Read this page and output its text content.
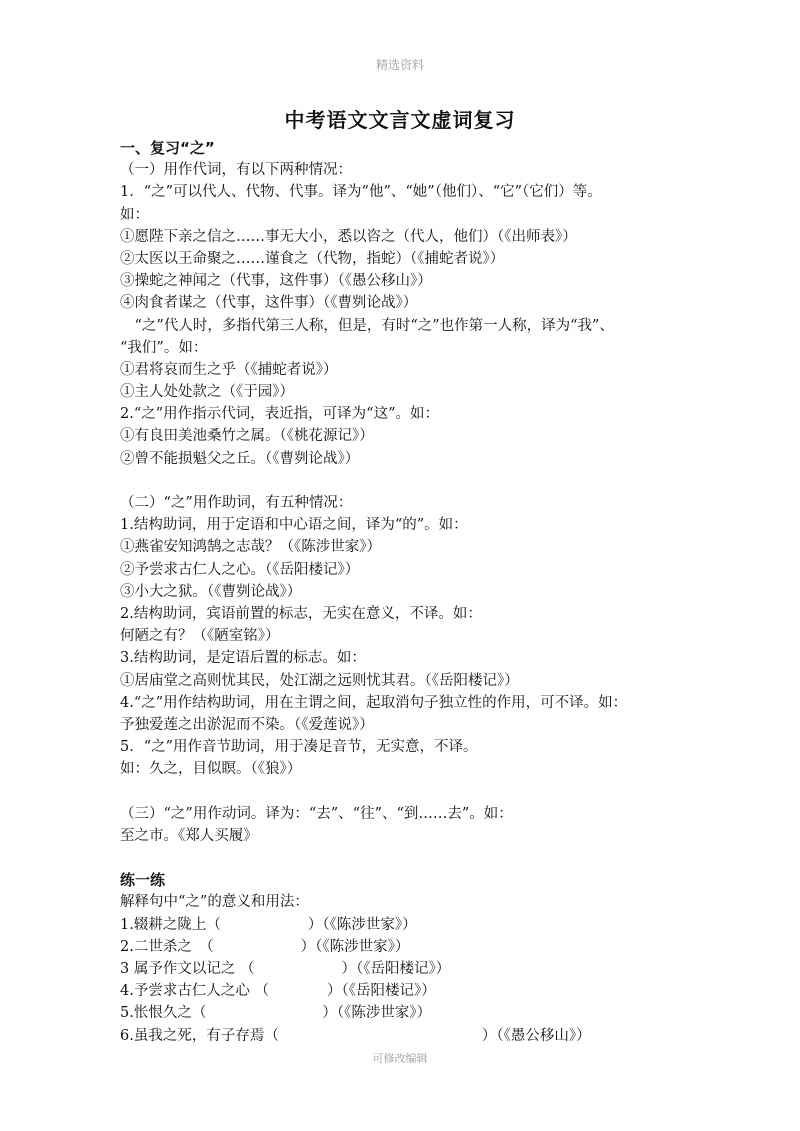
精选资料
中考语文文言文虚词复习
一、复习“之”
（一）用作代词，有以下两种情况：
1．“之”可以代人、代物、代事。译为“他”、“她”（他们）、“它”（它们）等。
如：
①愿陛下亲之信之……事无大小，悉以咨之（代人，他们）（《出师表》）
②太医以王命聚之……谨食之（代物，指蛇）（《捕蛇者说》）
③操蛇之神闻之（代事，这件事）（《愚公移山》）
④肉食者谋之（代事，这件事）（《曹刿论战》）
　“之”代人时，多指代第三人称，但是，有时“之”也作第一人称，译为“我”、
“我们”。如：
①君将哀而生之乎（《捕蛇者说》）
①主人处处款之（《于园》）
2.“之”用作指示代词，表近指，可译为“这”。如：
①有良田美池桑竹之属。（《桃花源记》）
②曾不能损魁父之丘。（《曹刿论战》）
（二）“之”用作助词，有五种情况：
1.结构助词，用于定语和中心语之间，译为“的”。如：
①燕雀安知鸿鹄之志哉？（《陈涉世家》）
②予尝求古仁人之心。（《岳阳楼记》）
③小大之狱。（《曹刿论战》）
2.结构助词，宾语前置的标志，无实在意义，不译。如：
何陋之有？（《陋室铭》）
3.结构助词，是定语后置的标志。如：
①居庙堂之高则忧其民，处江湖之远则忧其君。（《岳阳楼记》）
4.“之”用作结构助词，用在主谓之间，起取消句子独立性的作用，可不译。如：
予独爱莲之出淤泥而不染。（《爱莲说》）
5．“之”用作音节助词，用于凑足音节，无实意，不译。
如：久之，目似瞑。（《狼》）
（三）“之”用作动词。译为：“去”、“往”、“到……去”。如：
至之市。《郑人买履》
练一练
解释句中“之”的意义和用法：
1.辍耕之陇上（　　　　　　）（《陈涉世家》）
2.二世杀之　（　　　　　　）（《陈涉世家》）
3 属予作文以记之 （　　　　　　）（《岳阳楼记》）
4.予尝求古仁人之心 （　　　　）（《岳阳楼记》）
5.怅恨久之（　　　　　　　　）（《陈涉世家》）
6.虽我之死，有子存焉（　　　　　　　　　　　　　　）（《愚公移山》）
可修改编辑
